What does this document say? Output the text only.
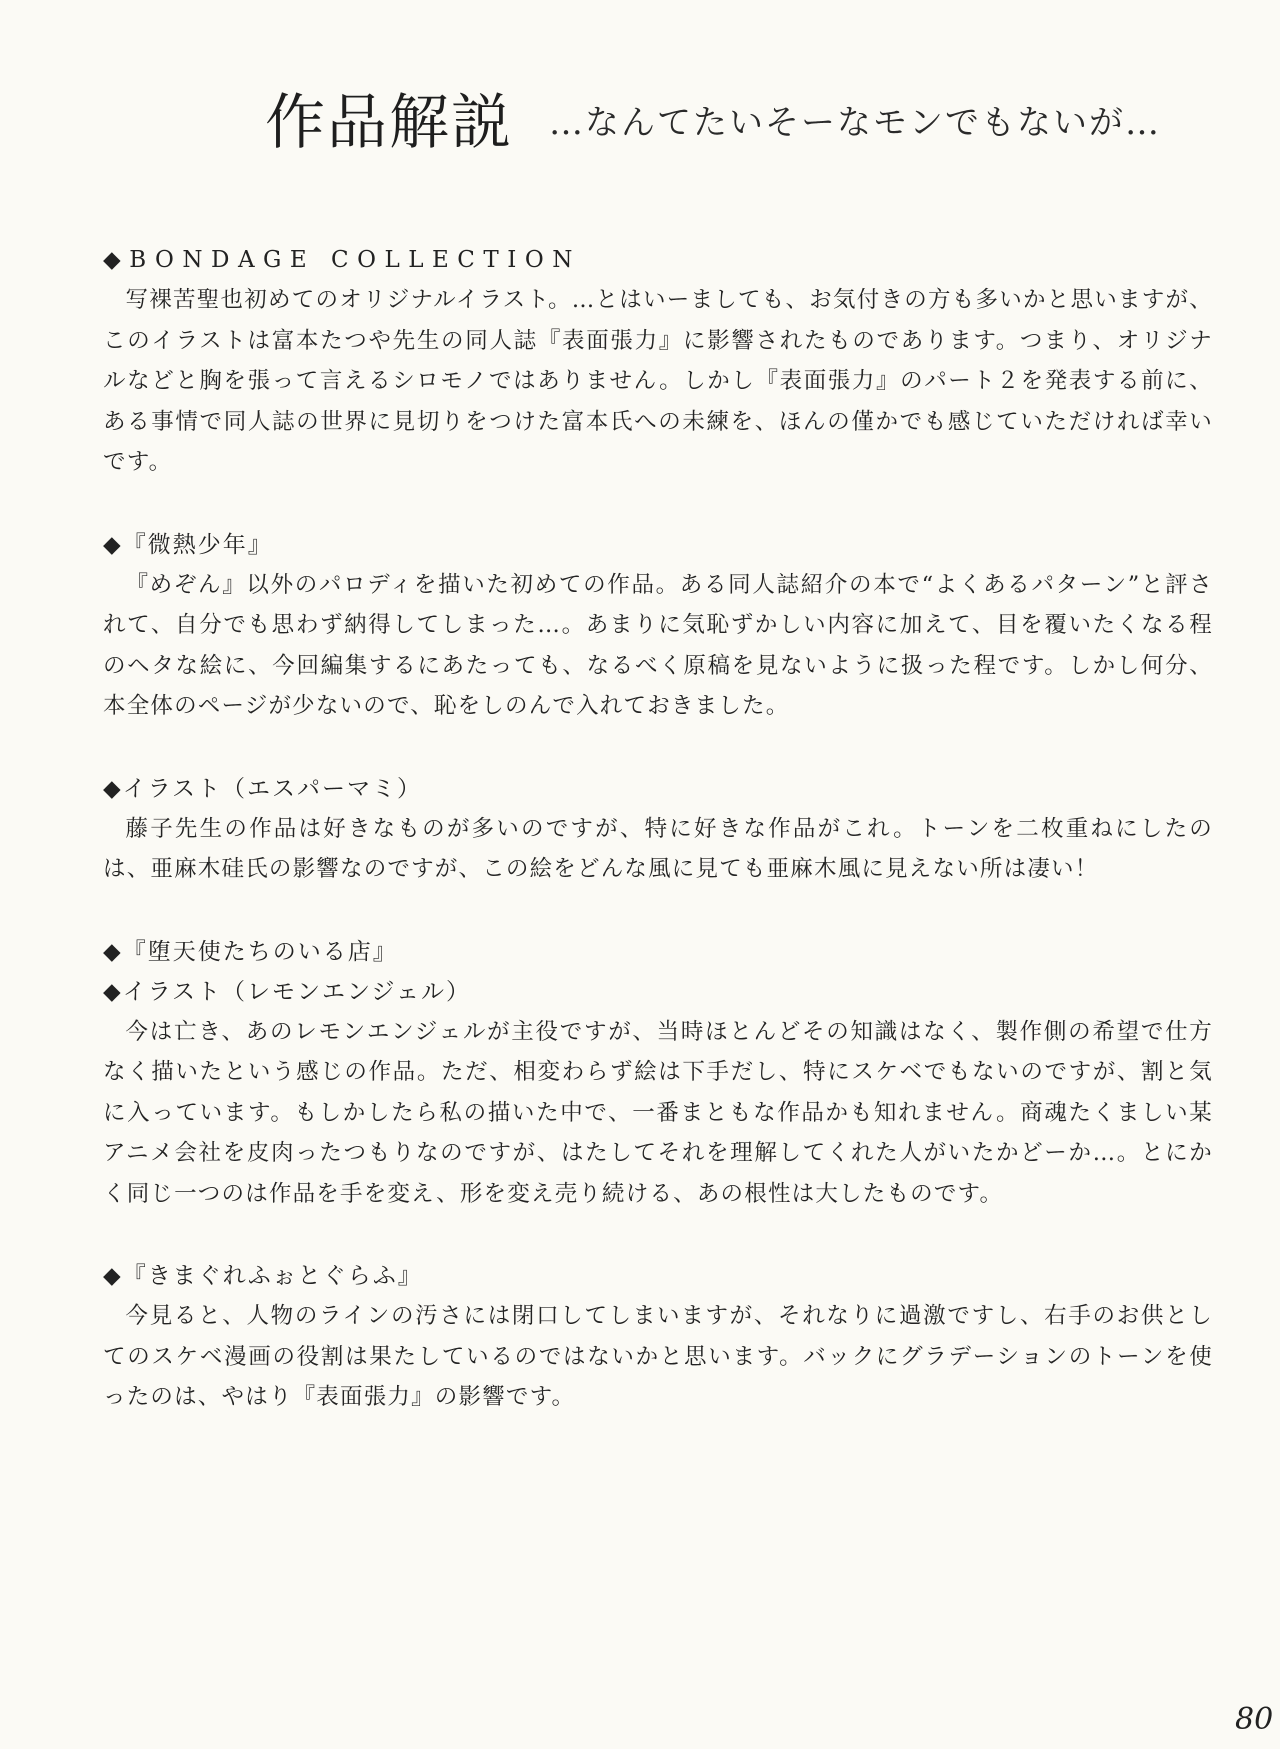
作品解説 …なんてたいそーなモンでもないが…
◆BONDAGE COLLECTION

写裸苦聖也初めてのオリジナルイラスト。…とはいーましても、お気付きの方も多いかと思いますが、このイラストは富本たつや先生の同人誌『表面張力』に影響されたものであります。つまり、オリジナルなどと胸を張って言えるシロモノではありません。しかし『表面張力』のパート２を発表する前に、ある事情で同人誌の世界に見切りをつけた富本氏への未練を、ほんの僅かでも感じていただければ幸いです。

◆『微熱少年』

『めぞん』以外のパロディを描いた初めての作品。ある同人誌紹介の本で“よくあるパターン”と評されて、自分でも思わず納得してしまった…。あまりに気恥ずかしい内容に加えて、目を覆いたくなる程のヘタな絵に、今回編集するにあたっても、なるべく原稿を見ないように扱った程です。しかし何分、本全体のページが少ないので、恥をしのんで入れておきました。

◆イラスト（エスパーマミ）

藤子先生の作品は好きなものが多いのですが、特に好きな作品がこれ。トーンを二枚重ねにしたのは、亜麻木硅氏の影響なのですが、この絵をどんな風に見ても亜麻木風に見えない所は凄い！

◆『堕天使たちのいる店』
◆イラスト（レモンエンジェル）

今は亡き、あのレモンエンジェルが主役ですが、当時ほとんどその知識はなく、製作側の希望で仕方なく描いたという感じの作品。ただ、相変わらず絵は下手だし、特にスケベでもないのですが、割と気に入っています。もしかしたら私の描いた中で、一番まともな作品かも知れません。商魂たくましい某アニメ会社を皮肉ったつもりなのですが、はたしてそれを理解してくれた人がいたかどーか…。とにかく同じ一つのは作品を手を変え、形を変え売り続ける、あの根性は大したものです。

◆『きまぐれふぉとぐらふ』

今見ると、人物のラインの汚さには閉口してしまいますが、それなりに過激ですし、右手のお供としてのスケベ漫画の役割は果たしているのではないかと思います。バックにグラデーションのトーンを使ったのは、やはり『表面張力』の影響です。

80
